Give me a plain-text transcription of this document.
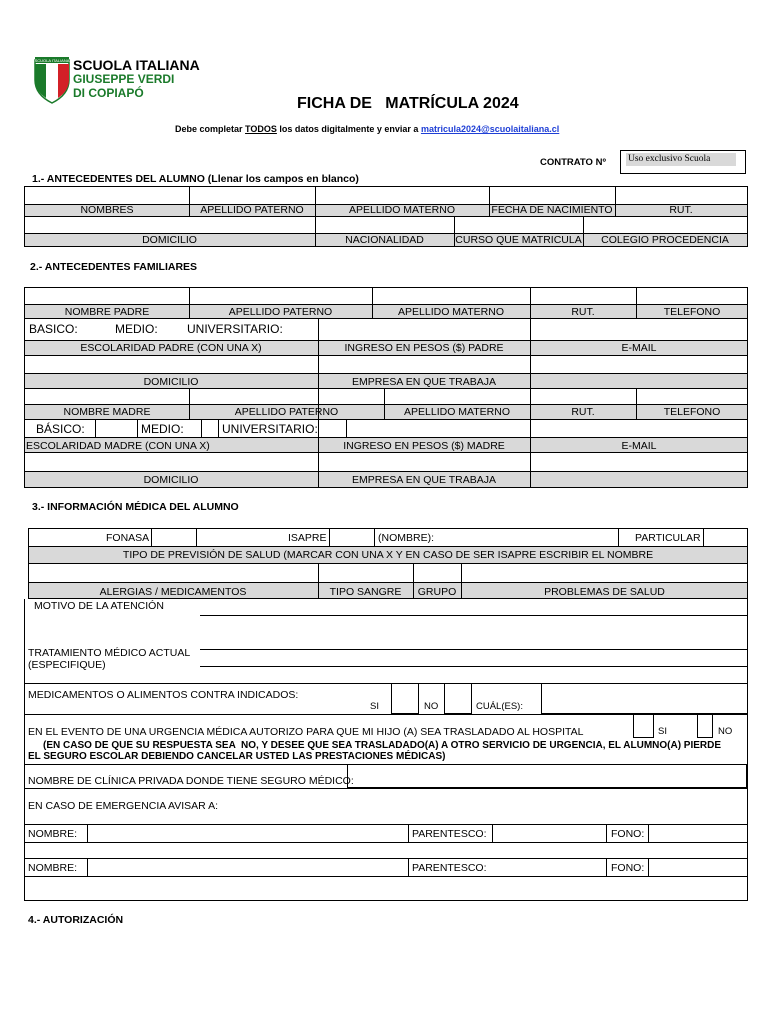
SCUOLA ITALIANA SCUOLA ITALIANA
GIUSEPPE VERDI
DI COPIAPÓ
FICHA DE   MATRÍCULA 2024

Debe completar TODOS los datos digitalmente y enviar a matricula2024@scuolaitaliana.cl

CONTRATO Nº Uso exclusivo Scuola
1.- ANTECEDENTES DEL ALUMNO (Llenar los campos en blanco)
NOMBRES	APELLIDO PATERNO	APELLIDO MATERNO	FECHA DE NACIMIENTO	RUT.
DOMICILIO	NACIONALIDAD	CURSO QUE MATRICULA	COLEGIO PROCEDENCIA
2.- ANTECEDENTES FAMILIARES
NOMBRE PADRE	APELLIDO PATERNO	APELLIDO MATERNO	RUT.	TELEFONO
BASICO:	MEDIO: UNIVERSITARIO:
ESCOLARIDAD PADRE (CON UNA X)	INGRESO EN PESOS ($) PADRE	E-MAIL
DOMICILIO	EMPRESA EN QUE TRABAJA
NOMBRE MADRE	APELLIDO PATERNO	APELLIDO MATERNO	RUT.	TELEFONO
BÁSICO:	MEDIO:	UNIVERSITARIO:
ESCOLARIDAD MADRE (CON UNA X)	INGRESO EN PESOS ($) MADRE	E-MAIL
DOMICILIO	EMPRESA EN QUE TRABAJA
3.- INFORMACIÓN MÉDICA DEL ALUMNO
FONASA	ISAPRE	(NOMBRE):	PARTICULAR
TIPO DE PREVISIÓN DE SALUD (MARCAR CON UNA X Y EN CASO DE SER ISAPRE ESCRIBIR EL NOMBRE
ALERGIAS / MEDICAMENTOS	TIPO SANGRE	GRUPO	PROBLEMAS DE SALUD
MOTIVO DE LA ATENCIÓN
TRATAMIENTO MÉDICO ACTUAL
(ESPECIFIQUE)
MEDICAMENTOS O ALIMENTOS CONTRA INDICADOS:
SI	NO	CUÁL(ES):
EN EL EVENTO DE UNA URGENCIA MÉDICA AUTORIZO PARA QUE MI HIJO (A) SEA TRASLADADO AL HOSPITAL	SI	NO
(EN CASO DE QUE SU RESPUESTA SEA  NO, Y DESEE QUE SEA TRASLADADO(A) A OTRO SERVICIO DE URGENCIA, EL ALUMNO(A) PIERDE
EL SEGURO ESCOLAR DEBIENDO CANCELAR USTED LAS PRESTACIONES MÉDICAS)
NOMBRE DE CLÍNICA PRIVADA DONDE TIENE SEGURO MÉDICO:
EN CASO DE EMERGENCIA AVISAR A:
NOMBRE:	PARENTESCO:	FONO:
NOMBRE:	PARENTESCO:	FONO:
4.- AUTORIZACIÓN
